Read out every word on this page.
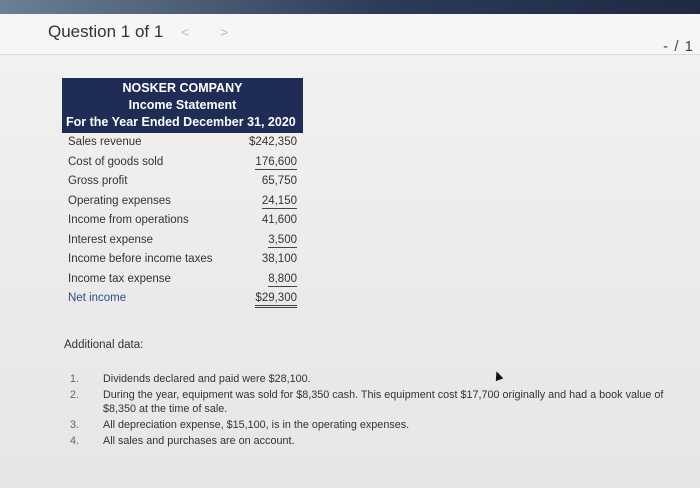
Question 1 of 1 < >
- / 1
NOSKER COMPANY
Income Statement
For the Year Ended December 31, 2020
Sales revenue	$242,350
Cost of goods sold	176,600
Gross profit	65,750
Operating expenses	24,150
Income from operations	41,600
Interest expense	3,500
Income before income taxes	38,100
Income tax expense	8,800
Net income	$29,300
Additional data:
1. Dividends declared and paid were $28,100.
2. During the year, equipment was sold for $8,350 cash. This equipment cost $17,700 originally and had a book value of $8,350 at the time of sale.
3. All depreciation expense, $15,100, is in the operating expenses.
4. All sales and purchases are on account.
